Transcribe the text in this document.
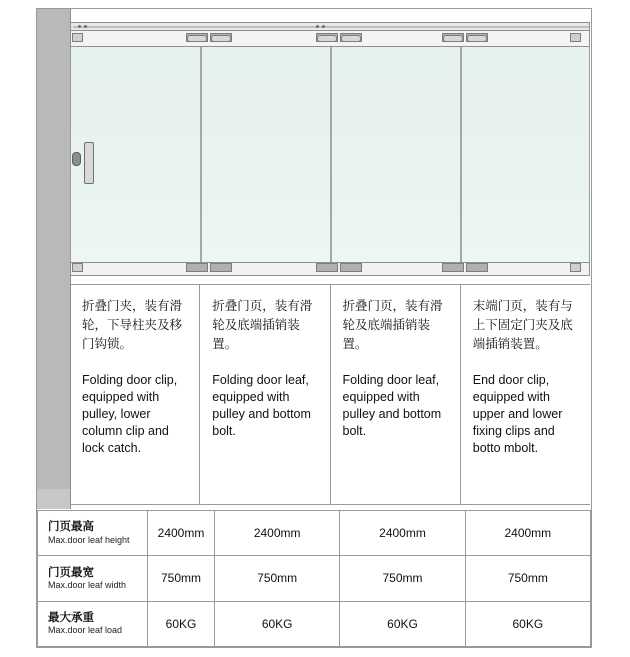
折叠门夹，装有滑轮，下导柱夹及移门钩锁。

Folding door clip, equipped with pulley, lower column clip and lock catch.

折叠门页，装有滑轮及底端插销装置。

Folding door leaf, equipped with pulley and bottom bolt.

折叠门页，装有滑轮及底端插销装置。

Folding door leaf, equipped with pulley and bottom bolt.

末端门页，装有与上下固定门夹及底端插销装置。

End door clip, equipped with upper and lower fixing clips and botto mbolt.

门页最高
Max.door leaf height	2400mm	2400mm	2400mm	2400mm

门页最宽
Max.door leaf width	750mm	750mm	750mm	750mm

最大承重
Max.door leaf load	60KG	60KG	60KG	60KG
